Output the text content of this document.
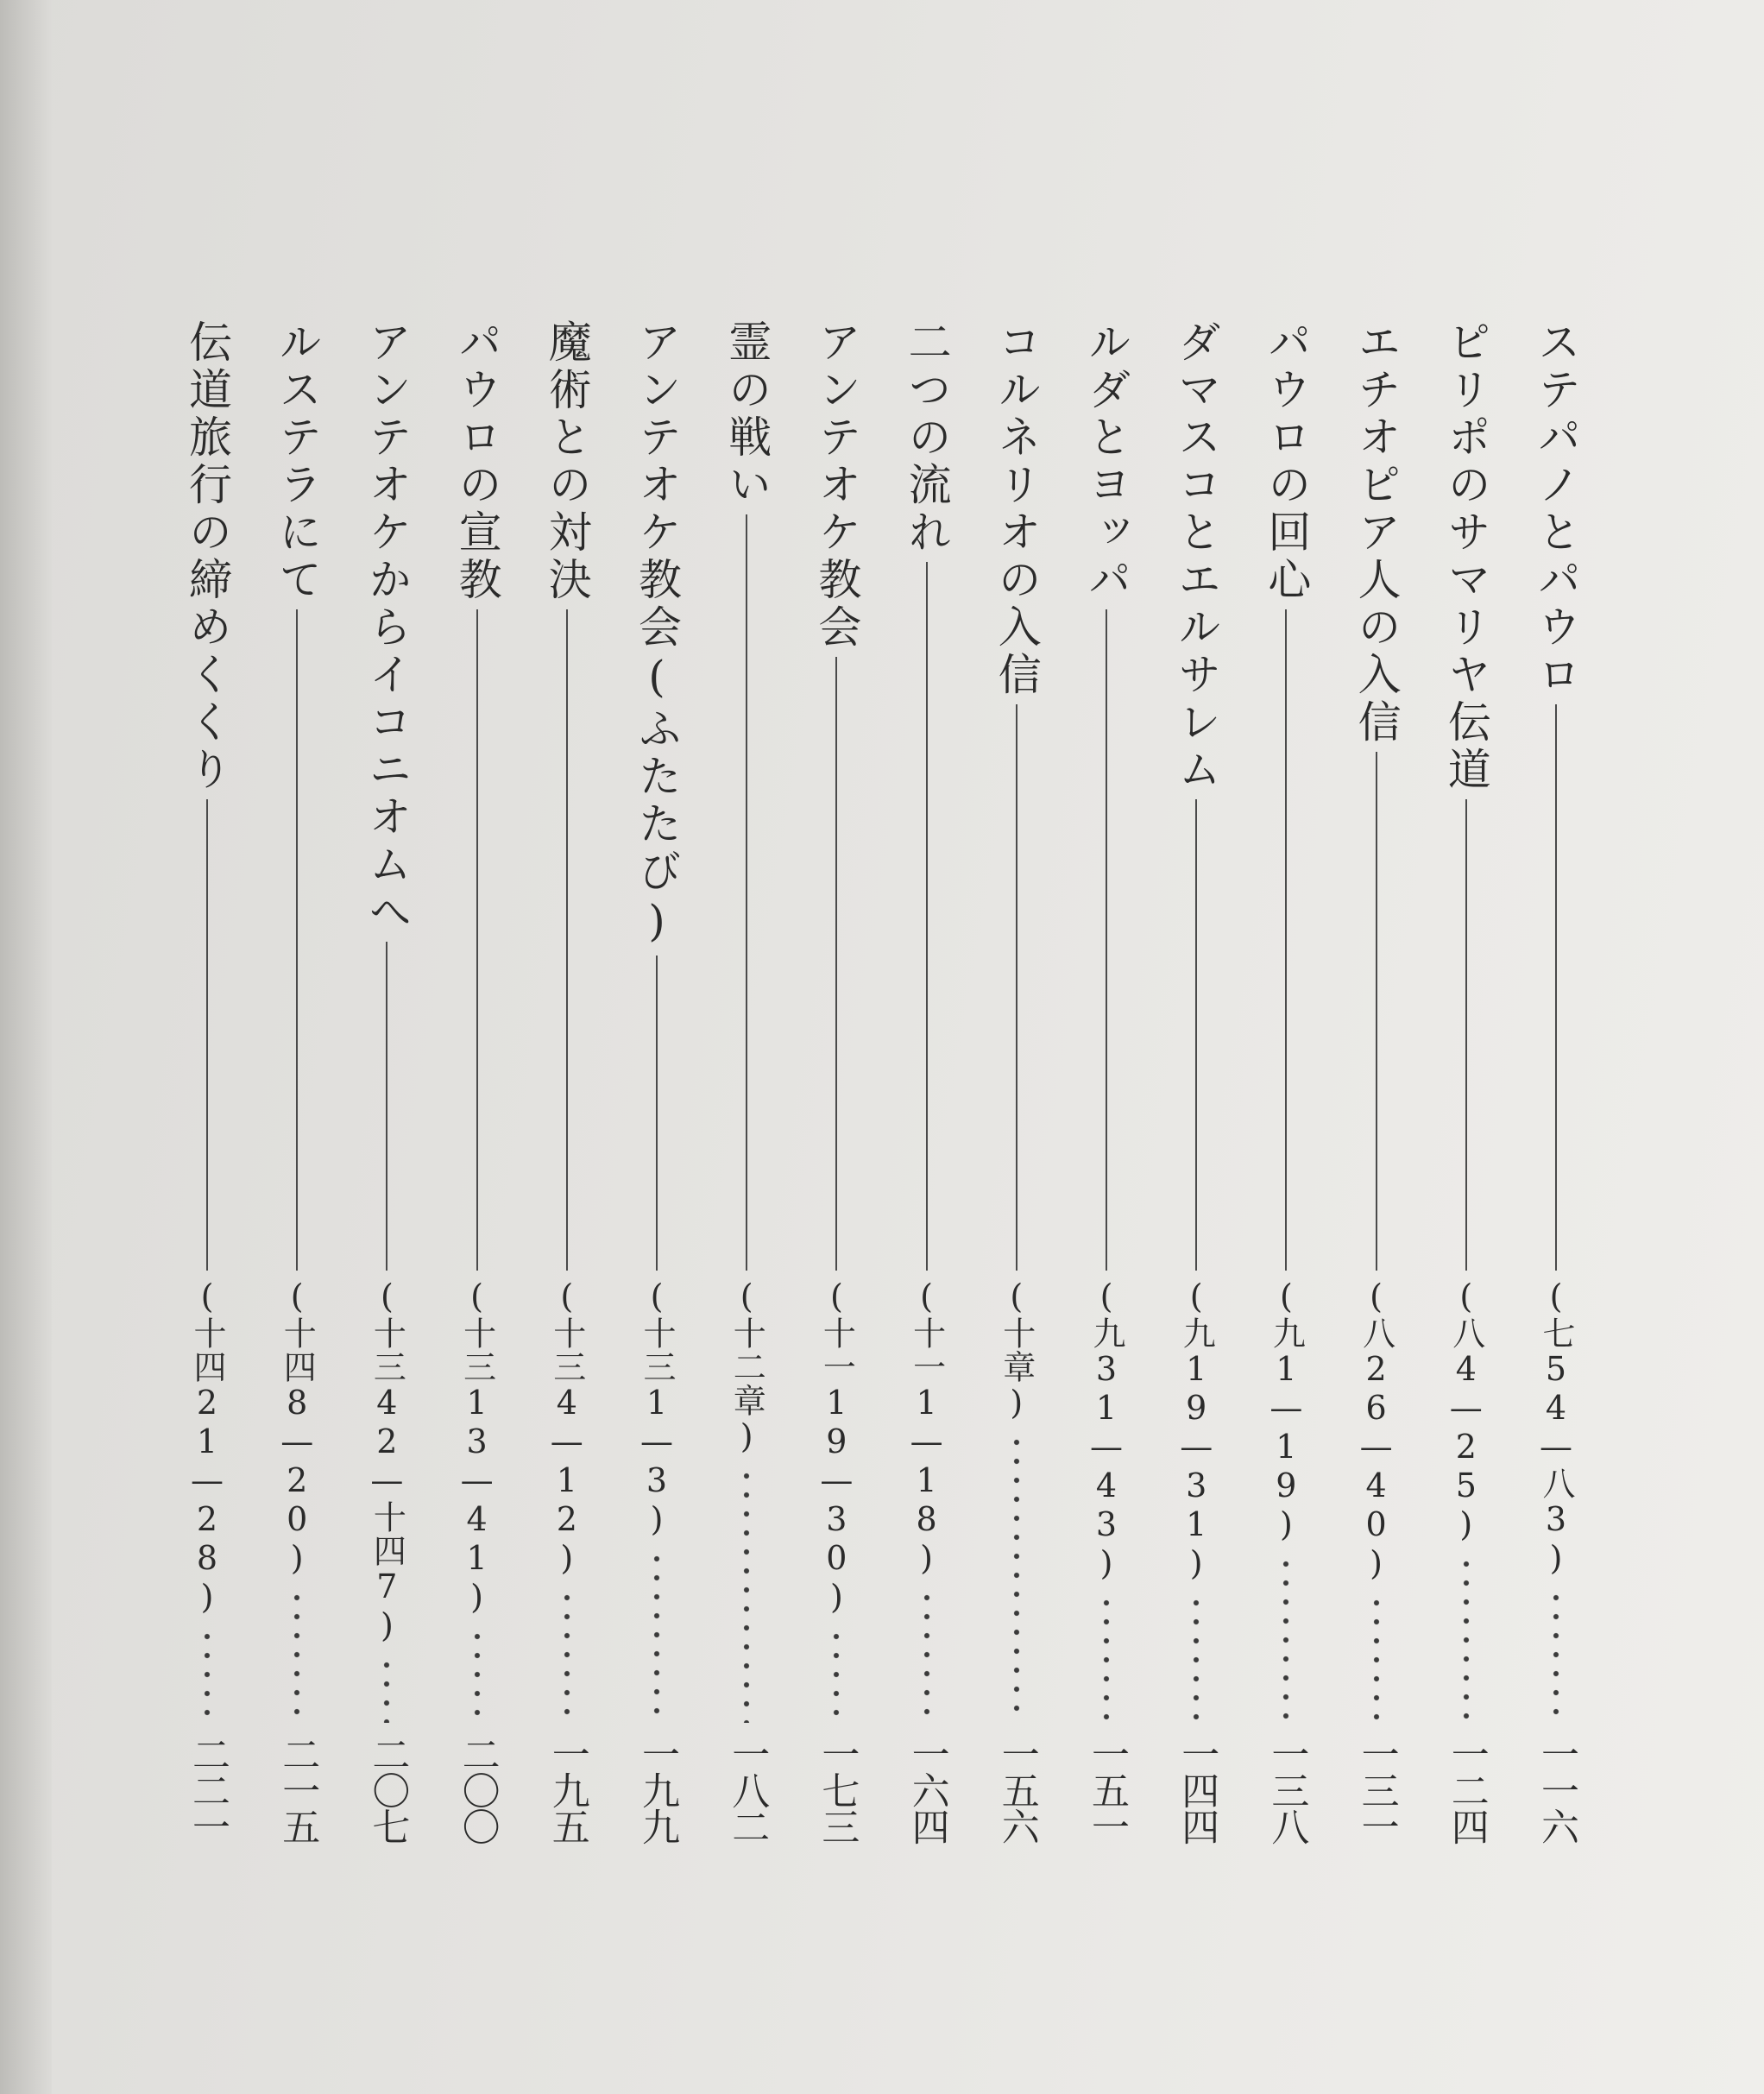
ステパノとパウロ
(七54—八3)
一一六
ピリポのサマリヤ伝道
(八4—25)
一二四
エチオピア人の入信
(八26—40)
一三一
パウロの回心
(九1—19)
一三八
ダマスコとエルサレム
(九19—31)
一四四
ルダとヨッパ
(九31—43)
一五一
コルネリオの入信
(十章)
一五六
二つの流れ
(十一1—18)
一六四
アンテオケ教会
(十一19—30)
一七三
霊の戦い
(十二章)
一八二
アンテオケ教会(ふたたび)
(十三1—3)
一九九
魔術との対決
(十三4—12)
一九五
パウロの宣教
(十三13—41)
二〇〇
アンテオケからイコニオムへ
(十三42—十四7)
二〇七
ルステラにて
(十四8—20)
二一五
伝道旅行の締めくくり
(十四21—28)
二二一
